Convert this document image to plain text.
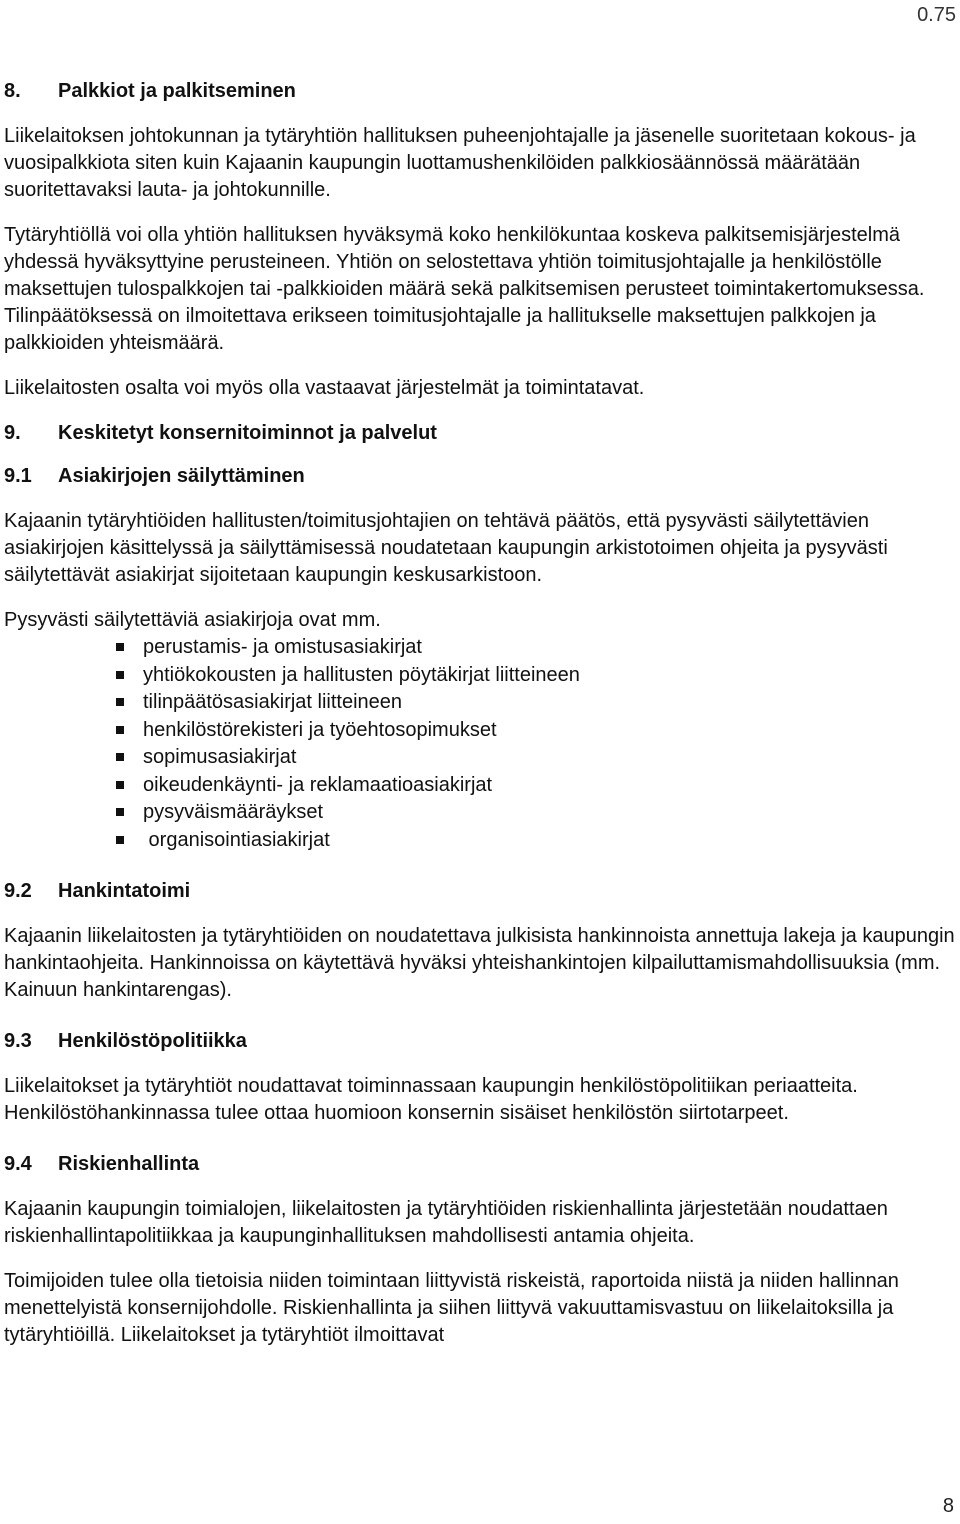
0.75
8.	Palkkiot ja palkitseminen

Liikelaitoksen johtokunnan ja tytäryhtiön hallituksen puheenjohtajalle ja jäsenelle suoritetaan kokous- ja vuosipalkkiota siten kuin Kajaanin kaupungin luottamushenkilöiden palkkiosäännössä määrätään suoritettavaksi lauta- ja johtokunnille.

Tytäryhtiöllä voi olla yhtiön hallituksen hyväksymä koko henkilökuntaa koskeva palkitsemisjärjestelmä yhdessä hyväksyttyine perusteineen. Yhtiön on selostettava yhtiön toimitusjohtajalle ja henkilöstölle maksettujen tulospalkkojen tai -palkkioiden määrä sekä palkitsemisen perusteet toimintakertomuksessa. Tilinpäätöksessä on ilmoitettava erikseen toimitusjohtajalle ja hallitukselle maksettujen palkkojen ja palkkioiden yhteismäärä.

Liikelaitosten osalta voi myös olla vastaavat järjestelmät ja toimintatavat.

9.	Keskitetyt konsernitoiminnot ja palvelut
9.1	Asiakirjojen säilyttäminen

Kajaanin tytäryhtiöiden hallitusten/toimitusjohtajien on tehtävä päätös, että pysyvästi säilytettävien asiakirjojen käsittelyssä ja säilyttämisessä noudatetaan kaupungin arkistotoimen ohjeita ja pysyvästi säilytettävät asiakirjat sijoitetaan kaupungin keskusarkistoon.

Pysyvästi säilytettäviä asiakirjoja ovat mm.

perustamis- ja omistusasiakirjat
yhtiökokousten ja hallitusten pöytäkirjat liitteineen
tilinpäätösasiakirjat liitteineen
henkilöstörekisteri ja työehtosopimukset
sopimusasiakirjat
oikeudenkäynti- ja reklamaatioasiakirjat
pysyväismääräykset
organisointiasiakirjat
9.2	Hankintatoimi

Kajaanin liikelaitosten ja tytäryhtiöiden on noudatettava julkisista hankinnoista annettuja lakeja ja kaupungin hankintaohjeita. Hankinnoissa on käytettävä hyväksi yhteishankintojen kilpailuttamismahdollisuuksia (mm. Kainuun hankintarengas).

9.3	Henkilöstöpolitiikka

Liikelaitokset ja tytäryhtiöt noudattavat toiminnassaan kaupungin henkilöstöpolitiikan periaatteita. Henkilöstöhankinnassa tulee ottaa huomioon konsernin sisäiset henkilöstön siirtotarpeet.

9.4	Riskienhallinta

Kajaanin kaupungin toimialojen, liikelaitosten ja tytäryhtiöiden riskienhallinta järjestetään noudattaen riskienhallintapolitiikkaa ja kaupunginhallituksen mahdollisesti antamia ohjeita.

Toimijoiden tulee olla tietoisia niiden toimintaan liittyvistä riskeistä, raportoida niistä ja niiden hallinnan menettelyistä konsernijohdolle. Riskienhallinta ja siihen liittyvä vakuuttamisvastuu on liikelaitoksilla ja tytäryhtiöillä. Liikelaitokset ja tytäryhtiöt ilmoittavat

8
